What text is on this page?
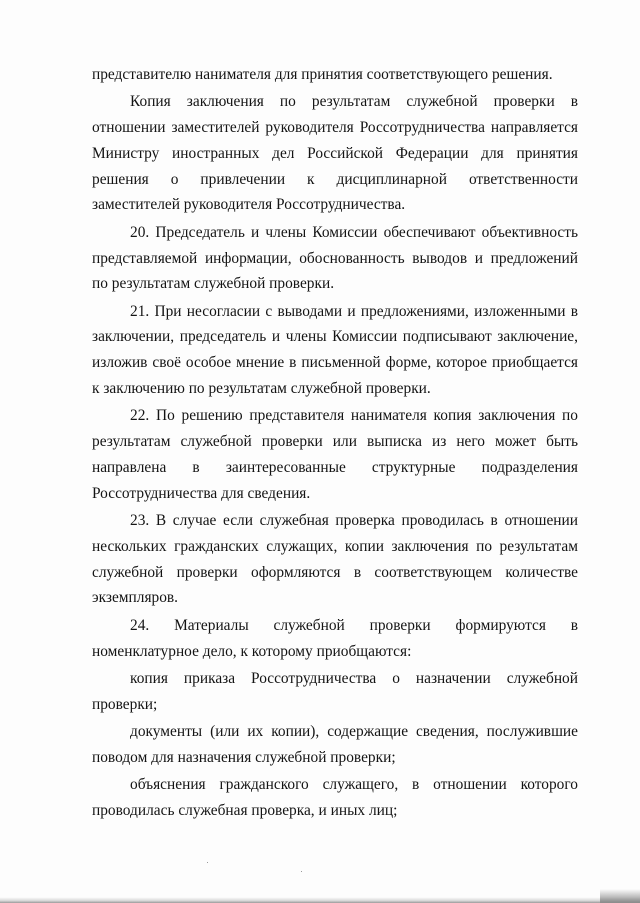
представителю нанимателя для принятия соответствующего решения.

Копия заключения по результатам служебной проверки в отношении заместителей руководителя Россотрудничества направляется Министру иностранных дел Российской Федерации для принятия решения о привлечении к дисциплинарной ответственности заместителей руководителя Россотрудничества.

20. Председатель и члены Комиссии обеспечивают объективность представляемой информации, обоснованность выводов и предложений по результатам служебной проверки.

21. При несогласии с выводами и предложениями, изложенными в заключении, председатель и члены Комиссии подписывают заключение, изложив своё особое мнение в письменной форме, которое приобщается к заключению по результатам служебной проверки.

22. По решению представителя нанимателя копия заключения по результатам служебной проверки или выписка из него может быть направлена в заинтересованные структурные подразделения Россотрудничества для сведения.

23. В случае если служебная проверка проводилась в отношении нескольких гражданских служащих, копии заключения по результатам служебной проверки оформляются в соответствующем количестве экземпляров.

24. Материалы служебной проверки формируются в номенклатурное дело, к которому приобщаются:

копия приказа Россотрудничества о назначении служебной проверки;

документы (или их копии), содержащие сведения, послужившие поводом для назначения служебной проверки;

объяснения гражданского служащего, в отношении которого проводилась служебная проверка, и иных лиц;
